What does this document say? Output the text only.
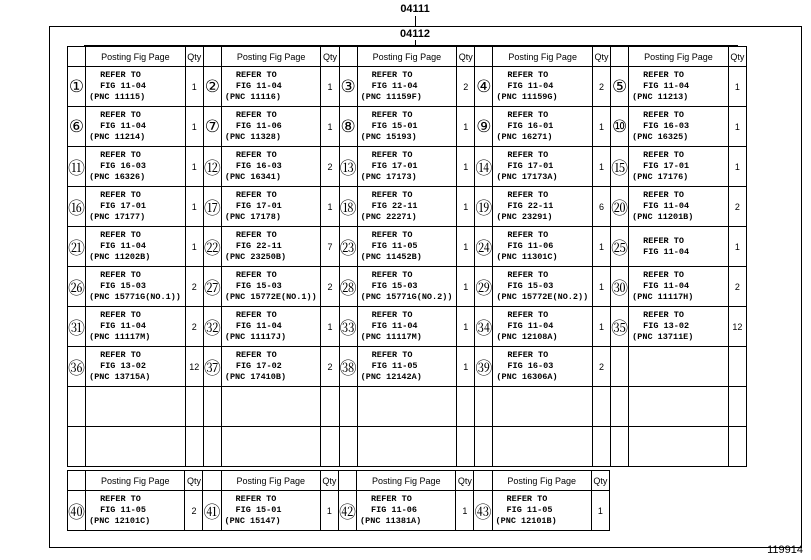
04111
04112
	Posting Fig Page	Qty		Posting Fig Page	Qty		Posting Fig Page	Qty		Posting Fig Page	Qty		Posting Fig Page	Qty
①	REFER TO
FIG 11-04
(PNC 11115)	1	②	REFER TO
FIG 11-04
(PNC 11116)	1	③	REFER TO
FIG 11-04
(PNC 11159F)	2	④	REFER TO
FIG 11-04
(PNC 11159G)	2	⑤	REFER TO
FIG 11-04
(PNC 11213)	1
⑥	REFER TO
FIG 11-04
(PNC 11214)	1	⑦	REFER TO
FIG 11-06
(PNC 11328)	1	⑧	REFER TO
FIG 15-01
(PNC 15193)	1	⑨	REFER TO
FIG 16-01
(PNC 16271)	1	⑩	REFER TO
FIG 16-03
(PNC 16325)	1
⑪	REFER TO
FIG 16-03
(PNC 16326)	1	⑫	REFER TO
FIG 16-03
(PNC 16341)	2	⑬	REFER TO
FIG 17-01
(PNC 17173)	1	⑭	REFER TO
FIG 17-01
(PNC 17173A)	1	⑮	REFER TO
FIG 17-01
(PNC 17176)	1
⑯	REFER TO
FIG 17-01
(PNC 17177)	1	⑰	REFER TO
FIG 17-01
(PNC 17178)	1	⑱	REFER TO
FIG 22-11
(PNC 22271)	1	⑲	REFER TO
FIG 22-11
(PNC 23291)	6	⑳	REFER TO
FIG 11-04
(PNC 11201B)	2
㉑	REFER TO
FIG 11-04
(PNC 11202B)	1	㉒	REFER TO
FIG 22-11
(PNC 23250B)	7	㉓	REFER TO
FIG 11-05
(PNC 11452B)	1	㉔	REFER TO
FIG 11-06
(PNC 11301C)	1	㉕	REFER TO
FIG 11-04	1
㉖	REFER TO
FIG 15-03
(PNC 15771G(NO.1))	2	㉗	REFER TO
FIG 15-03
(PNC 15772E(NO.1))	2	㉘	REFER TO
FIG 15-03
(PNC 15771G(NO.2))	1	㉙	REFER TO
FIG 15-03
(PNC 15772E(NO.2))	1	㉚	REFER TO
FIG 11-04
(PNC 11117H)	2
㉛	REFER TO
FIG 11-04
(PNC 11117M)	2	㉜	REFER TO
FIG 11-04
(PNC 11117J)	1	㉝	REFER TO
FIG 11-04
(PNC 11117M)	1	㉞	REFER TO
FIG 11-04
(PNC 12108A)	1	㉟	REFER TO
FIG 13-02
(PNC 13711E)	12
㊱	REFER TO
FIG 13-02
(PNC 13715A)	12	㊲	REFER TO
FIG 17-02
(PNC 17410B)	2	㊳	REFER TO
FIG 11-05
(PNC 12142A)	1	㊴	REFER TO
FIG 16-03
(PNC 16306A)	2		

	Posting Fig Page	Qty		Posting Fig Page	Qty		Posting Fig Page	Qty		Posting Fig Page	Qty
㊵	REFER TO
FIG 11-05
(PNC 12101C)	2	㊶	REFER TO
FIG 15-01
(PNC 15147)	1	㊷	REFER TO
FIG 11-06
(PNC 11381A)	1	㊸	REFER TO
FIG 11-05
(PNC 12101B)	1
119914
